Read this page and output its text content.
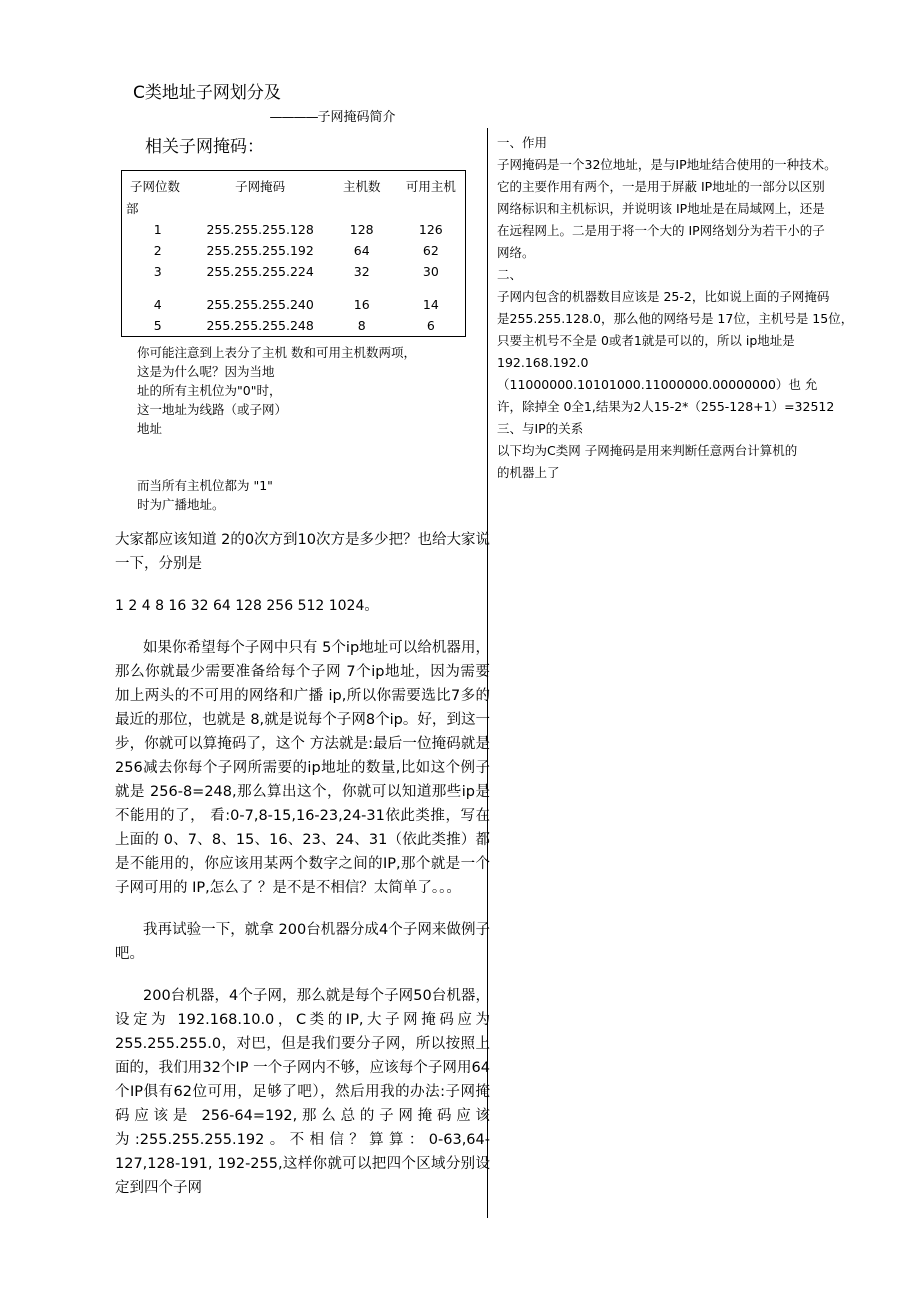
C类地址子网划分及
————子网掩码简介
相关子网掩码：
子网位数	子网掩码	主机数	可用主机
部			
1	255.255.255.128	128	126
2	255.255.255.192	64	62
3	255.255.255.224	32	30

4	255.255.255.240	16	14
5	255.255.255.248	8	6

你可能注意到上表分了主机 数和可用主机数两项，

这是为什么呢？因为当地

址的所有主机位为"0"时，

这一地址为线路（或子网）

地址

而当所有主机位都为 "1"

时为广播地址。

大家都应该知道 2的0次方到10次方是多少把？也给大家说一下，分别是

1 2 4 8 16 32 64 128 256 512 1024。

如果你希望每个子网中只有 5个ip地址可以给机器用，那么你就最少需要准备给每个子网 7个ip地址，因为需要加上两头的不可用的网络和广播 ip,所以你需要选比7多的最近的那位，也就是 8,就是说每个子网8个ip。好，到这一步，你就可以算掩码了，这个 方法就是:最后一位掩码就是256减去你每个子网所需要的ip地址的数量,比如这个例子就是 256-8=248,那么算出这个，你就可以知道那些ip是不能用的了， 看:0-7,8-15,16-23,24-31依此类推，写在上面的 0、7、8、15、16、23、24、31（依此类推）都是不能用的，你应该用某两个数字之间的IP,那个就是一个子网可用的 IP,怎么了 ？是不是不相信？太简单了。。。

我再试验一下，就拿 200台机器分成4个子网来做例子吧。

200台机器，4个子网，那么就是每个子网50台机器，设定为 192.168.10.0，C类的IP,大子网掩码应为255.255.255.0，对巴，但是我们要分子网，所以按照上面的，我们用32个IP 一个子网内不够，应该每个子网用64个IP俱有62位可用，足够了吧），然后用我的办法:子网掩码应该是 256-64=192,那么总的子网掩码应该为:255.255.255.192。不相信？算算：0-63,64-127,128-191, 192-255,这样你就可以把四个区域分别设定到四个子网

一、作用

子网掩码是一个32位地址，是与IP地址结合使用的一种技术。

它的主要作用有两个，一是用于屏蔽 IP地址的一部分以区别

网络标识和主机标识，并说明该 IP地址是在局域网上，还是

在远程网上。二是用于将一个大的 IP网络划分为若干小的子

网络。

二、

子网内包含的机器数目应该是 25-2，比如说上面的子网掩码

是255.255.128.0，那么他的网络号是 17位，主机号是 15位，

只要主机号不全是 0或者1就是可以的，所以 ip地址是

192.168.192.0（11000000.10101000.11000000.00000000）也 允

许，除掉全 0全1,结果为2人15-2*（255-128+1）=32512

三、与IP的关系

以下均为C类网 子网掩码是用来判断任意两台计算机的

的机器上了
